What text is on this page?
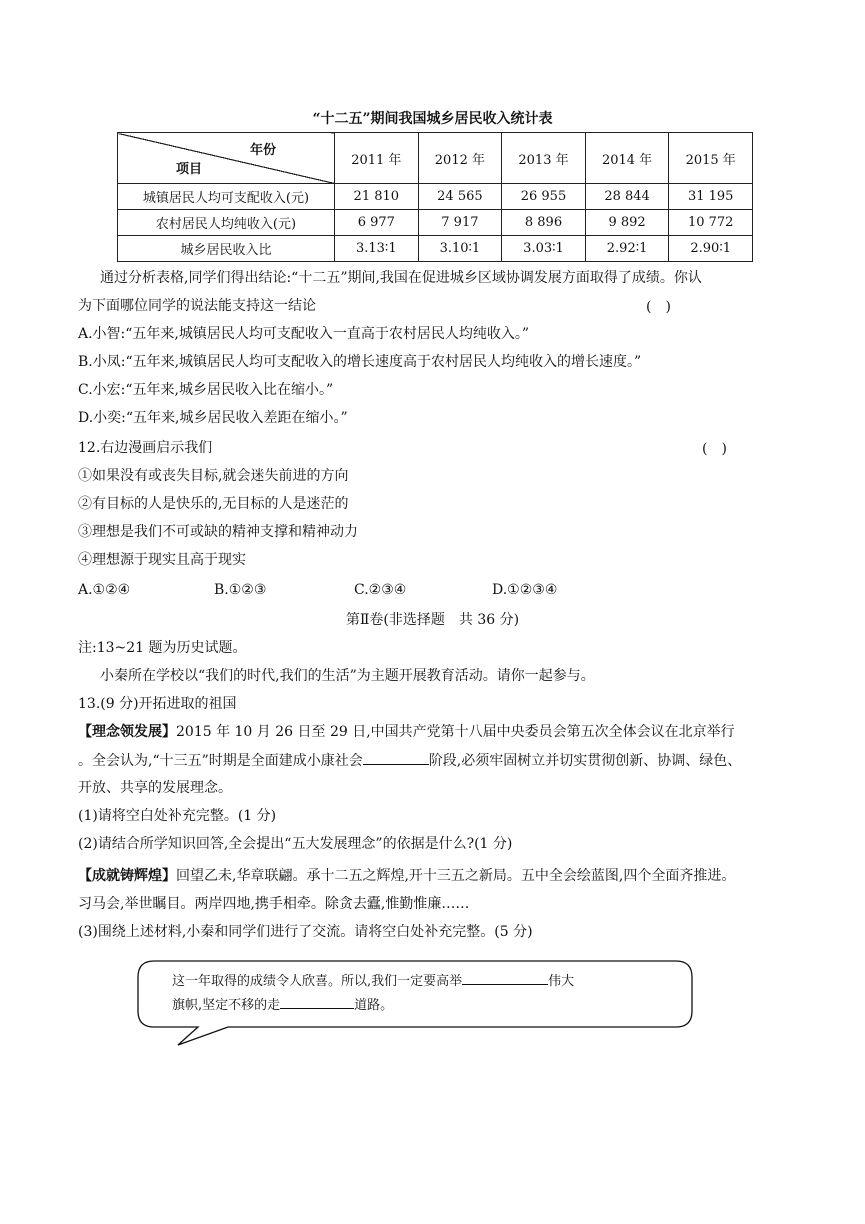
“十二五”期间我国城乡居民收入统计表
年份
项目	2011 年	2012 年	2013 年	2014 年	2015 年
城镇居民人均可支配收入(元)	21 810	24 565	26 955	28 844	31 195
农村居民人均纯收入(元)	6 977	7 917	8 896	9 892	10 772
城乡居民收入比	3.13∶1	3.10∶1	3.03∶1	2.92∶1	2.90∶1
通过分析表格,同学们得出结论:“十二五”期间,我国在促进城乡区域协调发展方面取得了成绩。你认
为下面哪位同学的说法能支持这一结论	(　)
A.小智:“五年来,城镇居民人均可支配收入一直高于农村居民人均纯收入。”
B.小凤:“五年来,城镇居民人均可支配收入的增长速度高于农村居民人均纯收入的增长速度。”
C.小宏:“五年来,城乡居民收入比在缩小。”
D.小奕:“五年来,城乡居民收入差距在缩小。”
12.右边漫画启示我们	(　)
①如果没有或丧失目标,就会迷失前进的方向
②有目标的人是快乐的,无目标的人是迷茫的
③理想是我们不可或缺的精神支撑和精神动力
④理想源于现实且高于现实
A.①②④	B.①②③	C.②③④	D.①②③④
第Ⅱ卷(非选择题　共 36 分)
注:13~21 题为历史试题。
小秦所在学校以“我们的时代,我们的生活”为主题开展教育活动。请你一起参与。
13.(9 分)开拓进取的祖国
【理念领发展】2015 年 10 月 26 日至 29 日,中国共产党第十八届中央委员会第五次全体会议在北京举行
。全会认为,“十三五”时期是全面建成小康社会	阶段,必须牢固树立并切实贯彻创新、协调、绿色、
开放、共享的发展理念。
(1)请将空白处补充完整。(1 分)
(2)请结合所学知识回答,全会提出“五大发展理念”的依据是什么?(1 分)
【成就铸辉煌】回望乙未,华章联翩。承十二五之辉煌,开十三五之新局。五中全会绘蓝图,四个全面齐推进。
习马会,举世瞩目。两岸四地,携手相牵。除贪去蠹,惟勤惟廉……
(3)围绕上述材料,小秦和同学们进行了交流。请将空白处补充完整。(5 分)
这一年取得的成绩令人欣喜。所以,我们一定要高举	伟大
旗帜,坚定不移的走	道路。
